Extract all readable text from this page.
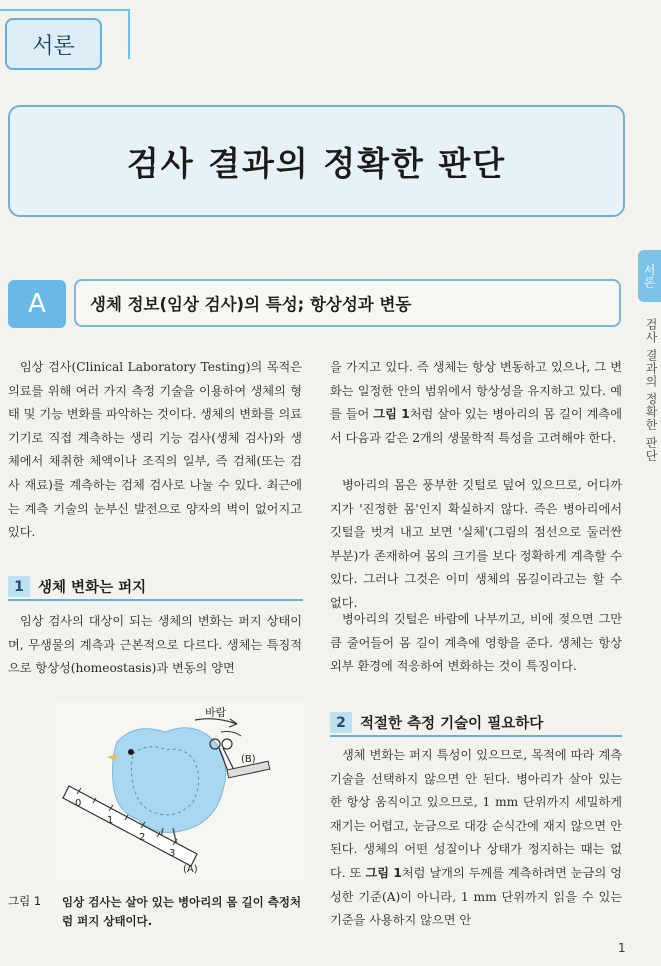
서론
검사 결과의 정확한 판단
서론
검사 결과의 정확한 판단
A	생체 정보(임상 검사)의 특성; 항상성과 변동

임상 검사(Clinical Laboratory Testing)의 목적은 의료를 위해 여러 가지 측정 기술을 이용하여 생체의 형태 및 기능 변화를 파악하는 것이다. 생체의 변화를 의료기기로 직접 계측하는 생리 기능 검사(생체 검사)와 생체에서 채취한 체액이나 조직의 일부, 즉 검체(또는 검사 재료)를 계측하는 검체 검사로 나눌 수 있다. 최근에는 계측 기술의 눈부신 발전으로 양자의 벽이 없어지고 있다.

1 생체 변화는 퍼지

임상 검사의 대상이 되는 생체의 변화는 퍼지 상태이며, 무생물의 계측과 근본적으로 다르다. 생체는 특징적으로 항상성(homeostasis)과 변동의 양면

바람
(B)
0
1
2
3
(A)
그림 1 임상 검사는 살아 있는 병아리의 몸 길이 측정처럼 퍼지 상태이다.

을 가지고 있다. 즉 생체는 항상 변동하고 있으나, 그 변화는 일정한 안의 범위에서 항상성을 유지하고 있다. 예를 들어 그림 1처럼 살아 있는 병아리의 몸 길이 계측에서 다음과 같은 2개의 생물학적 특성을 고려해야 한다.

병아리의 몸은 풍부한 깃털로 덮여 있으므로, 어디까지가 '진정한 몸'인지 확실하지 않다. 즉은 병아리에서 깃털을 벗겨 내고 보면 '실체'(그림의 점선으로 둘러싼 부분)가 존재하여 몸의 크기를 보다 정확하게 계측할 수 있다. 그러나 그것은 이미 생체의 몸길이라고는 할 수 없다.

병아리의 깃털은 바람에 나부끼고, 비에 젖으면 그만큼 줄어들어 몸 길이 계측에 영향을 준다. 생체는 항상 외부 환경에 적응하여 변화하는 것이 특징이다.

2 적절한 측정 기술이 필요하다

생체 변화는 퍼지 특성이 있으므로, 목적에 따라 계측 기술을 선택하지 않으면 안 된다. 병아리가 살아 있는 한 항상 움직이고 있으므로, 1 mm 단위까지 세밀하게 재기는 어렵고, 눈금으로 대강 순식간에 재지 않으면 안 된다. 생체의 어떤 성질이나 상태가 정지하는 때는 없다. 또 그림 1처럼 날개의 두께를 계측하려면 눈금의 엉성한 기준(A)이 아니라, 1 mm 단위까지 읽을 수 있는 기준을 사용하지 않으면 안

1
